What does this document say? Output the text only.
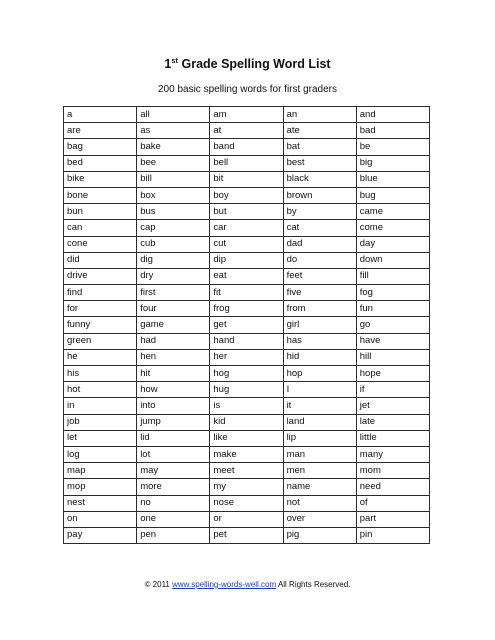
1st Grade Spelling Word List
200 basic spelling words for first graders
a	all	am	an	and
are	as	at	ate	bad
bag	bake	band	bat	be
bed	bee	bell	best	big
bike	bill	bit	black	blue
bone	box	boy	brown	bug
bun	bus	but	by	came
can	cap	car	cat	come
cone	cub	cut	dad	day
did	dig	dip	do	down
drive	dry	eat	feet	fill
find	first	fit	five	fog
for	four	frog	from	fun
funny	game	get	girl	go
green	had	hand	has	have
he	hen	her	hid	hill
his	hit	hog	hop	hope
hot	how	hug	I	if
in	into	is	it	jet
job	jump	kid	land	late
let	lid	like	lip	little
log	lot	make	man	many
map	may	meet	men	mom
mop	more	my	name	need
nest	no	nose	not	of
on	one	or	over	part
pay	pen	pet	pig	pin
© 2011 www.spelling-words-well.com All Rights Reserved.
